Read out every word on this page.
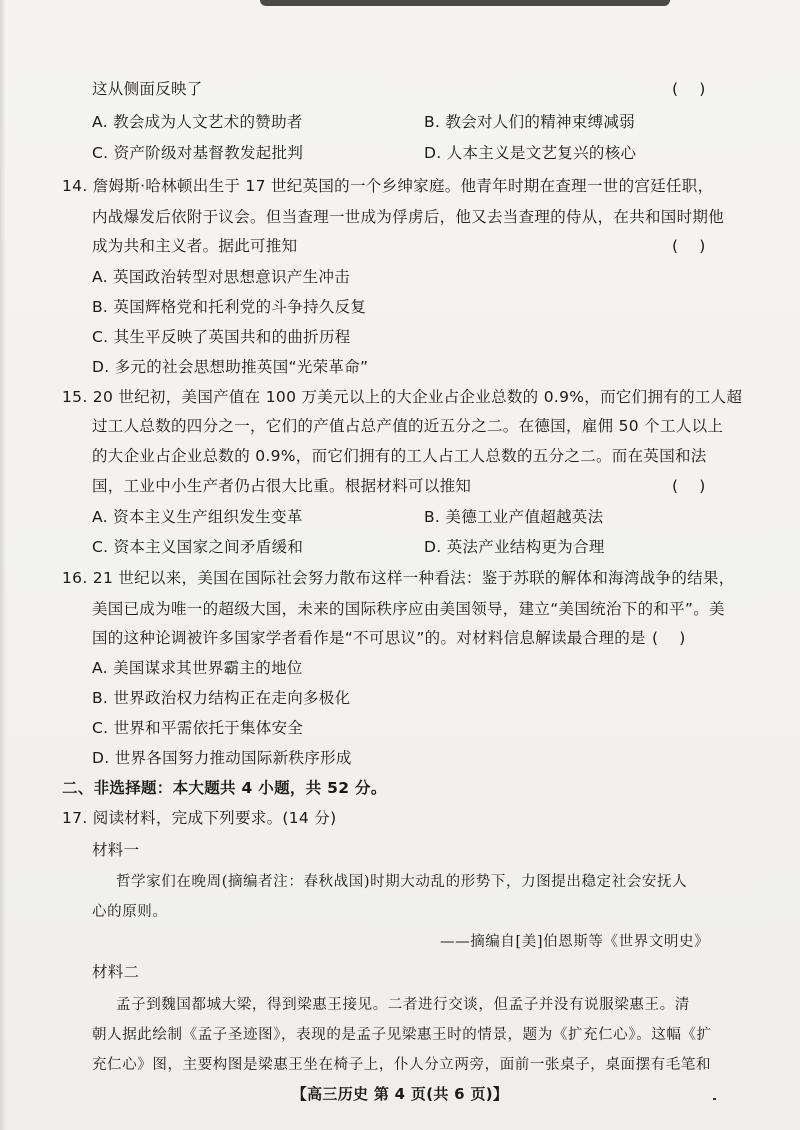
这从侧面反映了	(    )
A. 教会成为人文艺术的赞助者	B. 教会对人们的精神束缚减弱
C. 资产阶级对基督教发起批判	D. 人本主义是文艺复兴的核心
14. 詹姆斯·哈林顿出生于 17 世纪英国的一个乡绅家庭。他青年时期在查理一世的宫廷任职，
内战爆发后依附于议会。但当查理一世成为俘虏后，他又去当查理的侍从，在共和国时期他
成为共和主义者。据此可推知	(    )
A. 英国政治转型对思想意识产生冲击
B. 英国辉格党和托利党的斗争持久反复
C. 其生平反映了英国共和的曲折历程
D. 多元的社会思想助推英国“光荣革命”
15. 20 世纪初，美国产值在 100 万美元以上的大企业占企业总数的 0.9%，而它们拥有的工人超
过工人总数的四分之一，它们的产值占总产值的近五分之二。在德国，雇佣 50 个工人以上
的大企业占企业总数的 0.9%，而它们拥有的工人占工人总数的五分之二。而在英国和法
国，工业中小生产者仍占很大比重。根据材料可以推知	(    )
A. 资本主义生产组织发生变革	B. 美德工业产值超越英法
C. 资本主义国家之间矛盾缓和	D. 英法产业结构更为合理
16. 21 世纪以来，美国在国际社会努力散布这样一种看法：鉴于苏联的解体和海湾战争的结果，
美国已成为唯一的超级大国，未来的国际秩序应由美国领导，建立“美国统治下的和平”。美
国的这种论调被许多国家学者看作是“不可思议”的。对材料信息解读最合理的是 (    )
A. 美国谋求其世界霸主的地位
B. 世界政治权力结构正在走向多极化
C. 世界和平需依托于集体安全
D. 世界各国努力推动国际新秩序形成
二、非选择题：本大题共 4 小题，共 52 分。
17. 阅读材料，完成下列要求。(14 分)
材料一
哲学家们在晚周(摘编者注：春秋战国)时期大动乱的形势下，力图提出稳定社会安抚人
心的原则。
——摘编自[美]伯恩斯等《世界文明史》
材料二
孟子到魏国都城大梁，得到梁惠王接见。二者进行交谈，但孟子并没有说服梁惠王。清
朝人据此绘制《孟子圣迹图》，表现的是孟子见梁惠王时的情景，题为《扩充仁心》。这幅《扩
充仁心》图，主要构图是梁惠王坐在椅子上，仆人分立两旁，面前一张桌子，桌面摆有毛笔和
【高三历史 第 4 页(共 6 页)】
